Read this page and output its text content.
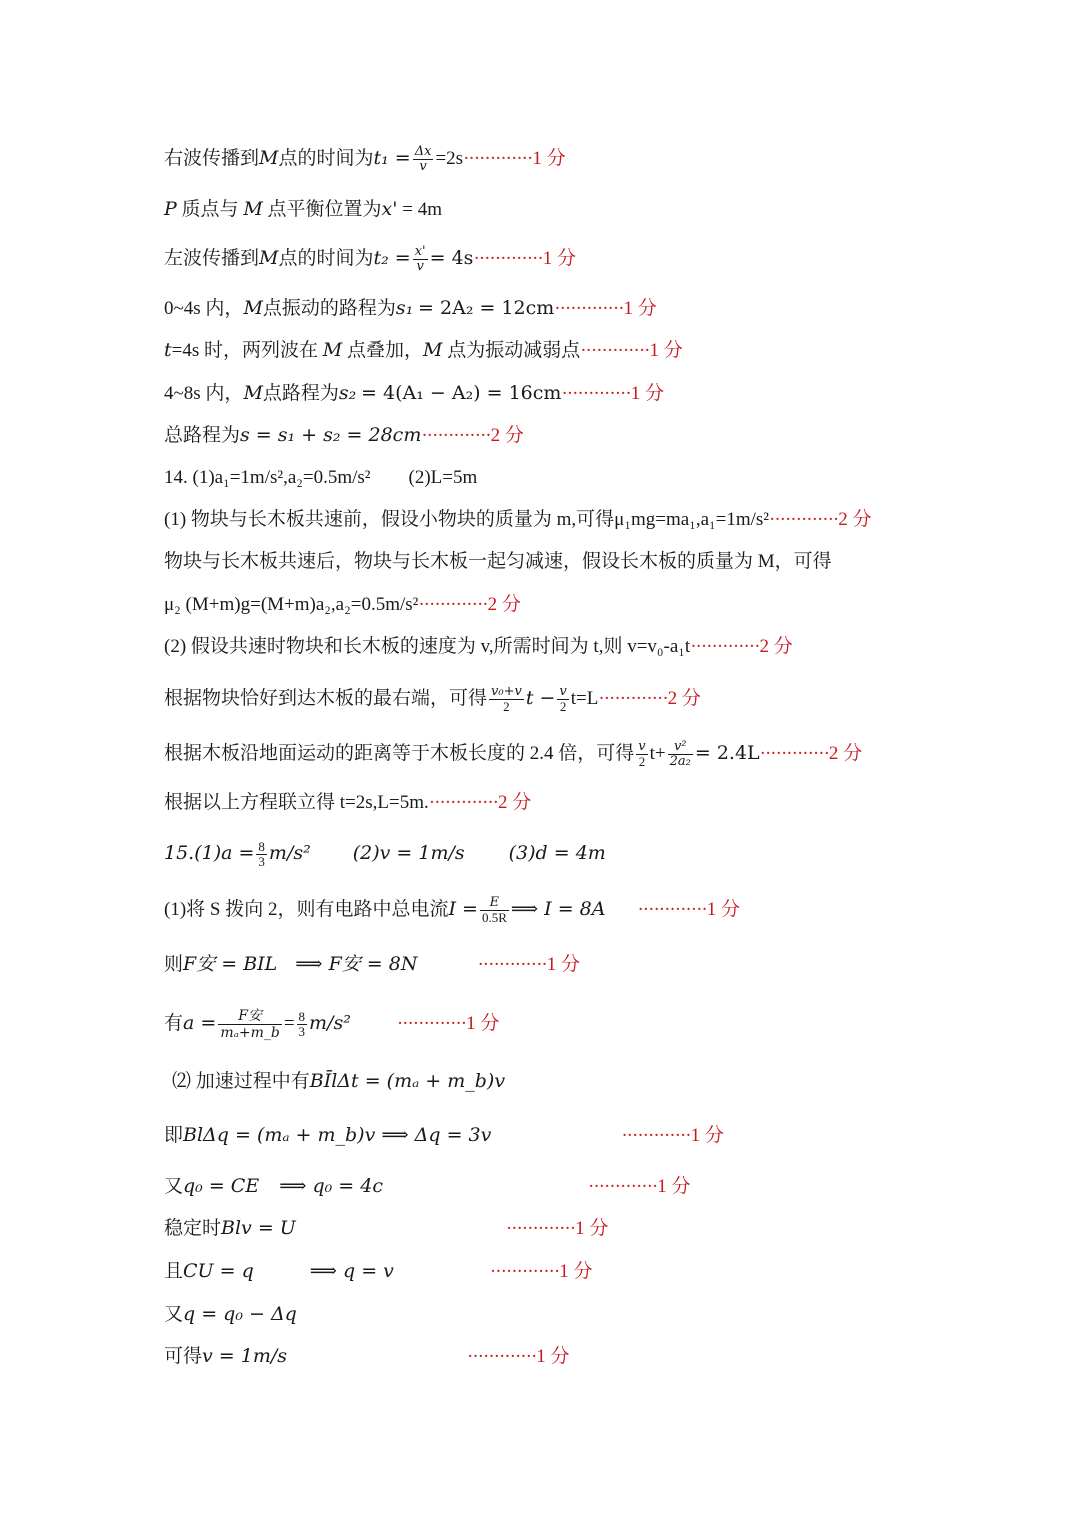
右波传播到M点的时间为$t_1 = \frac{\Delta x}{v} =2s\cdot\cdot\cdot\cdot\cdot\cdot\cdot\cdot\cdot\cdot\cdot\cdot\cdot 1$ 分
P 质点与 M 点平衡位置为x' = 4m
左波传播到M点的时间为$t_2 = \frac{x'}{v} = 4s\cdot\cdot\cdot\cdot\cdot\cdot\cdot\cdot\cdot\cdot\cdot\cdot\cdot 1$ 分
0~4s 内，M点振动的路程为s₁ = 2A₂ = 12cm·············1 分
t=4s 时，两列波在 M 点叠加，M 点为振动减弱点·············1 分
4~8s 内，M点路程为s₂ = 4(A₁ − A₂) = 16cm·············1 分
总路程为s = s₁ + s₂ = 28cm·············2 分
14. (1)a₁=1m/s²,a₂=0.5m/s² (2)L=5m
(1) 物块与长木板共速前，假设小物块的质量为 m,可得μ₁mg=ma₁,a₁=1m/s²·············2 分
物块与长木板共速后，物块与长木板一起匀减速，假设长木板的质量为 M，可得
μ₂ (M+m)g=(M+m)a₂,a₂=0.5m/s²·············2 分
(2) 假设共速时物块和长木板的速度为 v,所需时间为 t,则 v=v₀-a₁t·············2 分
根据物块恰好到达木板的最右端，可得 $\frac{\text{v₀+v}}{2}$ $t - \frac{v}{2} t=L\cdot\cdot\cdot\cdot\cdot\cdot\cdot\cdot\cdot\cdot\cdot\cdot\cdot 2$ 分
根据木板沿地面运动的距离等于木板长度的 2.4 倍，可得 $\frac{v}{2} t+ \frac{\text{v²}}{\text{2a₂}} = 2.4L\cdot\cdot\cdot\cdot\cdot\cdot\cdot\cdot\cdot\cdot\cdot\cdot\cdot 2$ 分
根据以上方程联立得 t=2s,L=5m.·············2 分
$15.(1)a = \frac{8}{3} m/s^2$ (2)v = 1m/s (3)d = 4m
(1)将 S 拨向 2，则有电路中总电流$I = \frac{E}{0.5R}$ ⟹ I = 8A ·············1 分
则F安 = BIL ⟹ F安 = 8N	·············1 分
有$a = \frac{\text{F安}}{\text{mₐ+m\_b}} = \frac{8}{3} m/s^2 \cdot\cdot\cdot\cdot\cdot\cdot\cdot\cdot\cdot\cdot\cdot\cdot\cdot 1$ 分
⑵ 加速过程中有BĪlΔt = (mₐ + m_b)v
即BlΔq = (mₐ + m_b)v ⟹ Δq = 3v	·············1 分
又q₀ = CE ⟹ q₀ = 4c	·············1 分
稳定时Blv = U	·············1 分
且CU = q	⟹ q = v	·············1 分
又q = q₀ − Δq
可得v = 1m/s	·············1 分
